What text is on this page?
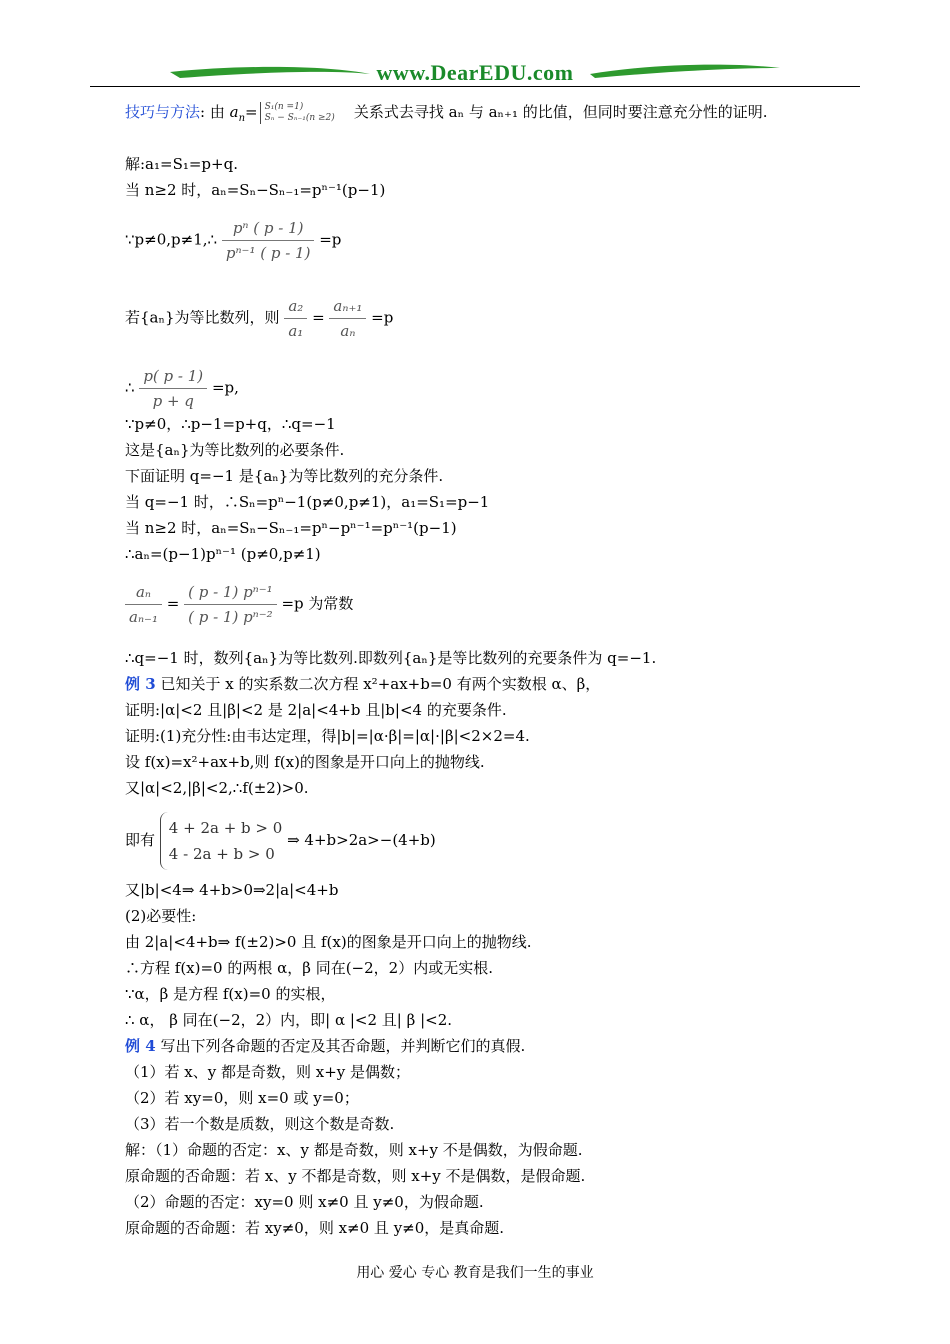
www.DearEDU.com
技巧与方法: 由 $a_n= S_1(n =1)$
Sₙ − Sₙ₋₁(n ≥2) 关系式去寻找 aₙ 与 aₙ₊₁ 的比值，但同时要注意充分性的证明.
解:a₁=S₁=p+q.
当 n≥2 时，aₙ=Sₙ−Sₙ₋₁=pⁿ⁻¹(p−1)
∵p≠0,p≠1,∴ $\frac{\text{pⁿ ( p - 1)}}{\text{pⁿ⁻¹ ( p - 1)}} =p$
若{aₙ}为等比数列，则 $\frac{\text{a₂}}{\text{a₁}} = \frac{\text{aₙ₊₁}}{\text{aₙ}} =p$
∴ $\frac{p( p - 1)}{p + q} =p$,
∵p≠0，∴p−1=p+q，∴q=−1
这是{aₙ}为等比数列的必要条件.
下面证明 q=−1 是{aₙ}为等比数列的充分条件.
当 q=−1 时，∴Sₙ=pⁿ−1(p≠0,p≠1)，a₁=S₁=p−1
当 n≥2 时，aₙ=Sₙ−Sₙ₋₁=pⁿ−pⁿ⁻¹=pⁿ⁻¹(p−1)
∴aₙ=(p−1)pⁿ⁻¹ (p≠0,p≠1)
$\frac{\text{aₙ}}{\text{aₙ₋₁}} = \frac{\text{( p - 1) pⁿ⁻¹}}{\text{( p - 1) pⁿ⁻²}} =p$ 为常数
∴q=−1 时，数列{aₙ}为等比数列.即数列{aₙ}是等比数列的充要条件为 q=−1.
例 3 已知关于 x 的实系数二次方程 x²+ax+b=0 有两个实数根 α、β，
证明:|α|<2 且|β|<2 是 2|a|<4+b 且|b|<4 的充要条件.
证明:(1)充分性:由韦达定理，得|b|=|α·β|=|α|·|β|<2×2=4.
设 f(x)=x²+ax+b,则 f(x)的图象是开口向上的抛物线.
又|α|<2,|β|<2,∴f(±2)>0.
即有 4 + 2a + b > 0
4 - 2a + b > 0 ⇒ 4+b>2a>−(4+b)
又|b|<4⇒ 4+b>0⇒2|a|<4+b
(2)必要性:
由 2|a|<4+b⇒ f(±2)>0 且 f(x)的图象是开口向上的抛物线.
∴方程 f(x)=0 的两根 α，β 同在(−2，2）内或无实根.
∵α，β 是方程 f(x)=0 的实根，
∴ α， β 同在(−2，2）内，即| α |<2 且| β |<2.
例 4 写出下列各命题的否定及其否命题，并判断它们的真假.
（1）若 x、y 都是奇数，则 x+y 是偶数；
（2）若 xy=0，则 x=0 或 y=0；
（3）若一个数是质数，则这个数是奇数.
解：（1）命题的否定：x、y 都是奇数，则 x+y 不是偶数，为假命题.
原命题的否命题：若 x、y 不都是奇数，则 x+y 不是偶数，是假命题.
（2）命题的否定：xy=0 则 x≠0 且 y≠0，为假命题.
原命题的否命题：若 xy≠0，则 x≠0 且 y≠0，是真命题.
用心 爱心 专心 教育是我们一生的事业
